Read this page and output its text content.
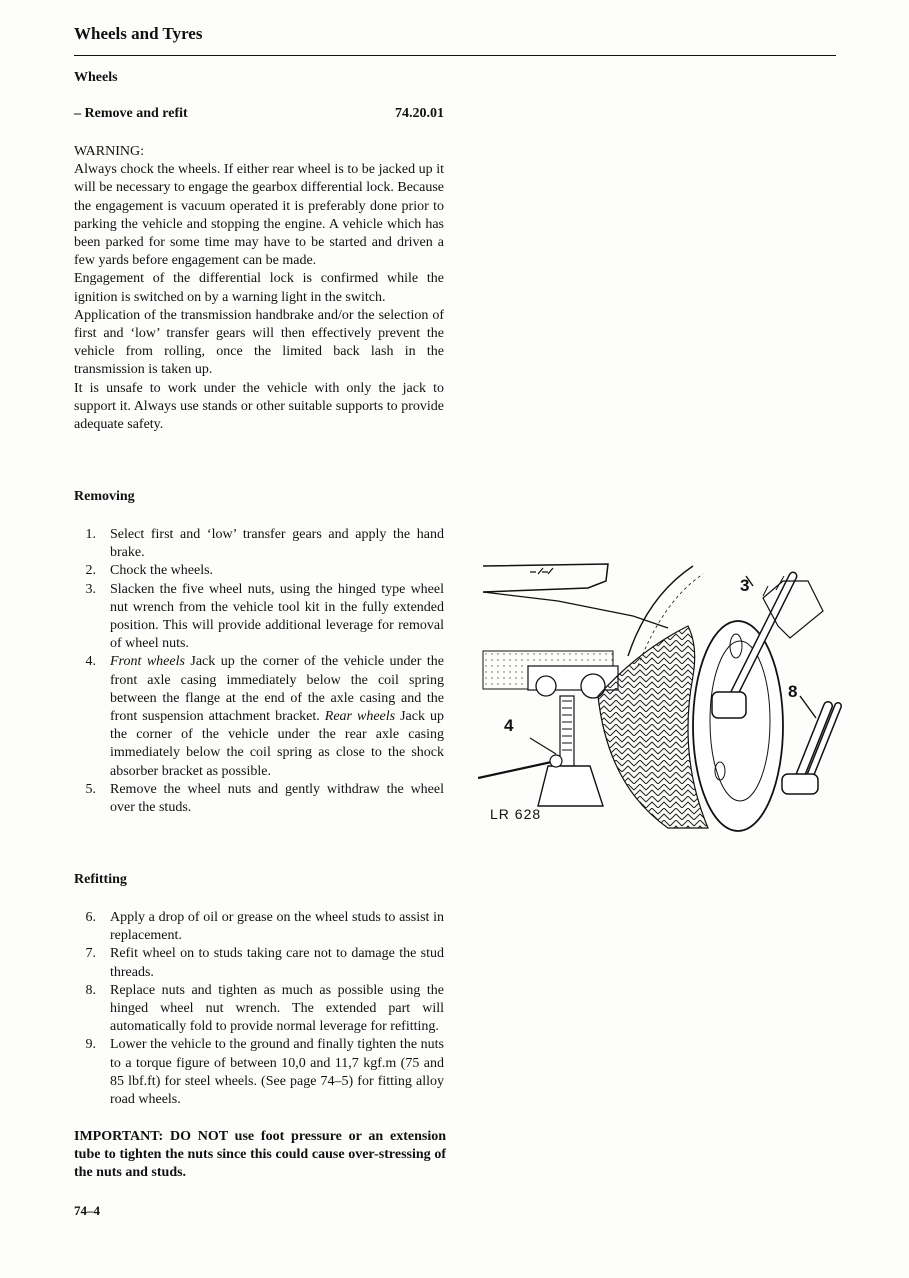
Wheels and Tyres
Wheels
– Remove and refit	74.20.01
WARNING:

Always chock the wheels. If either rear wheel is to be jacked up it will be necessary to engage the gearbox differential lock. Because the engagement is vacuum operated it is preferably done prior to parking the vehicle and stopping the engine. A vehicle which has been parked for some time may have to be started and driven a few yards before engagement can be made.

Engagement of the differential lock is confirmed while the ignition is switched on by a warning light in the switch.

Application of the transmission handbrake and/or the selection of first and ‘low’ transfer gears will then effectively prevent the vehicle from rolling, once the limited back lash in the transmission is taken up.

It is unsafe to work under the vehicle with only the jack to support it. Always use stands or other suitable supports to provide adequate safety.

Removing
1 . Select first and ‘low’ transfer gears and apply the hand brake.
2 . Chock the wheels.
3 . Slacken the five wheel nuts, using the hinged type wheel nut wrench from the vehicle tool kit in the fully extended position. This will provide additional leverage for removal of wheel nuts.
4 . Front wheels Jack up the corner of the vehicle under the front axle casing immediately below the coil spring between the flange at the end of the axle casing and the front suspension attachment bracket. Rear wheels Jack up the corner of the vehicle under the rear axle casing immediately below the coil spring as close to the shock absorber bracket as possible.
5 . Remove the wheel nuts and gently withdraw the wheel over the studs.
Refitting
6 . Apply a drop of oil or grease on the wheel studs to assist in replacement.
7 . Refit wheel on to studs taking care not to damage the stud threads.
8 . Replace nuts and tighten as much as possible using the hinged wheel nut wrench. The extended part will automatically fold to provide normal leverage for refitting.
9 . Lower the vehicle to the ground and finally tighten the nuts to a torque figure of between 10,0 and 11,7 kgf.m (75 and 85 lbf.ft) for steel wheels. (See page 74–5) for fitting alloy road wheels.
IMPORTANT: DO NOT use foot pressure or an extension tube to tighten the nuts since this could cause over-stressing of the nuts and studs.
4
3
8
LR 628
74–4
